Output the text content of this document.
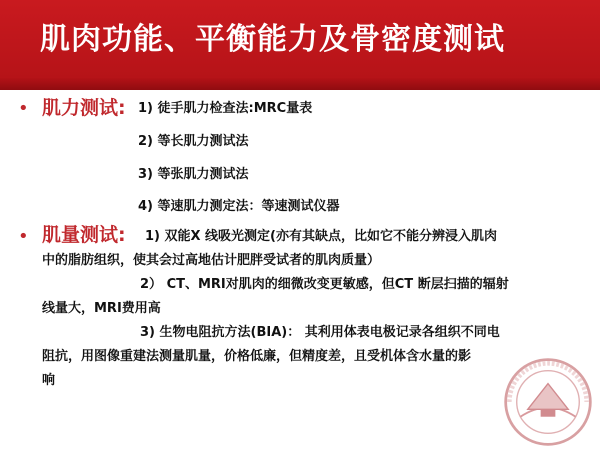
肌肉功能、平衡能力及骨密度测试
• 肌力测试: 1) 徒手肌力检查法:MRC量表
2) 等长肌力测试法
3) 等张肌力测试法
4) 等速肌力测定法：等速测试仪器
• 肌量测试: 1) 双能X 线吸光测定(亦有其缺点，比如它不能分辨浸入肌肉
中的脂肪组织，使其会过高地估计肥胖受试者的肌肉质量）
2） CT、MRI对肌肉的细微改变更敏感，但CT 断层扫描的辐射
线量大，MRI费用高
3) 生物电阻抗方法(BIA)： 其利用体表电极记录各组织不同电
阻抗，用图像重建法测量肌量，价格低廉，但精度差，且受机体含水量的影
响
